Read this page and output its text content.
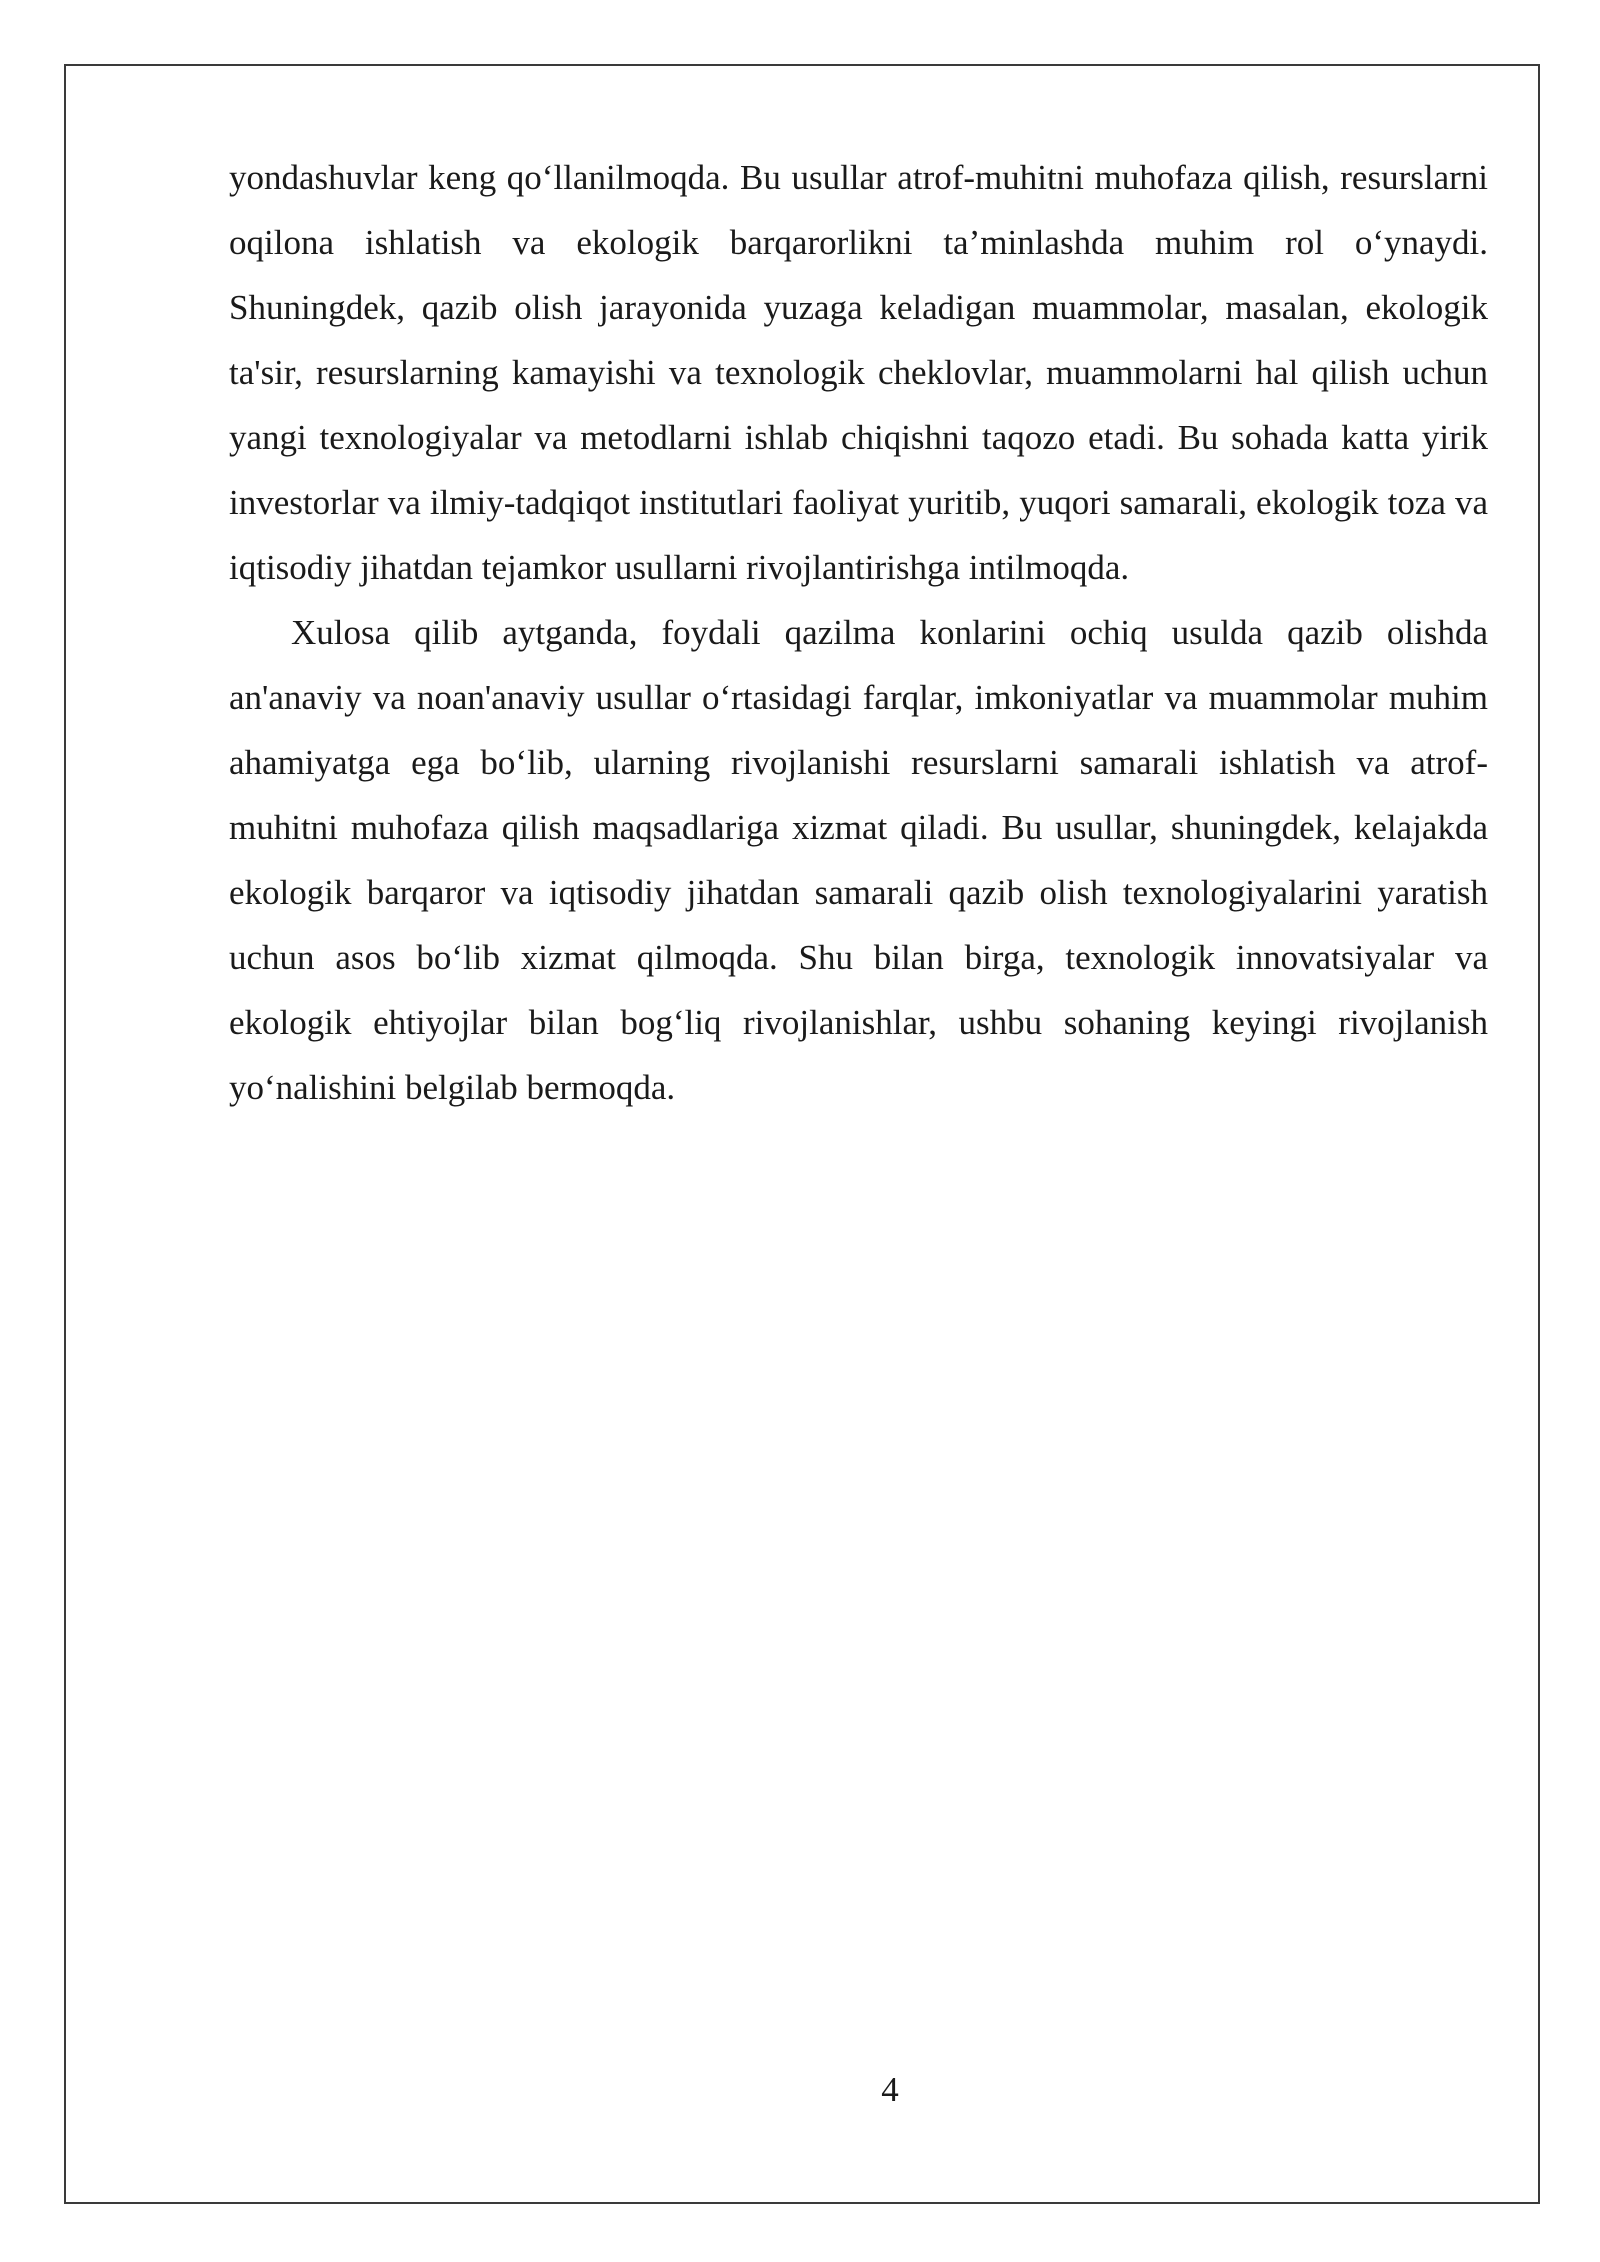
yondashuvlar keng qo‘llanilmoqda. Bu usullar atrof-muhitni muhofaza qilish, resurslarni oqilona ishlatish va ekologik barqarorlikni ta’minlashda muhim rol o‘ynaydi. Shuningdek, qazib olish jarayonida yuzaga keladigan muammolar, masalan, ekologik ta'sir, resurslarning kamayishi va texnologik cheklovlar, muammolarni hal qilish uchun yangi texnologiyalar va metodlarni ishlab chiqishni taqozo etadi. Bu sohada katta yirik investorlar va ilmiy-tadqiqot institutlari faoliyat yuritib, yuqori samarali, ekologik toza va iqtisodiy jihatdan tejamkor usullarni rivojlantirishga intilmoqda.

Xulosa qilib aytganda, foydali qazilma konlarini ochiq usulda qazib olishda an'anaviy va noan'anaviy usullar o‘rtasidagi farqlar, imkoniyatlar va muammolar muhim ahamiyatga ega bo‘lib, ularning rivojlanishi resurslarni samarali ishlatish va atrof-muhitni muhofaza qilish maqsadlariga xizmat qiladi. Bu usullar, shuningdek, kelajakda ekologik barqaror va iqtisodiy jihatdan samarali qazib olish texnologiyalarini yaratish uchun asos bo‘lib xizmat qilmoqda. Shu bilan birga, texnologik innovatsiyalar va ekologik ehtiyojlar bilan bog‘liq rivojlanishlar, ushbu sohaning keyingi rivojlanish yo‘nalishini belgilab bermoqda.

4
